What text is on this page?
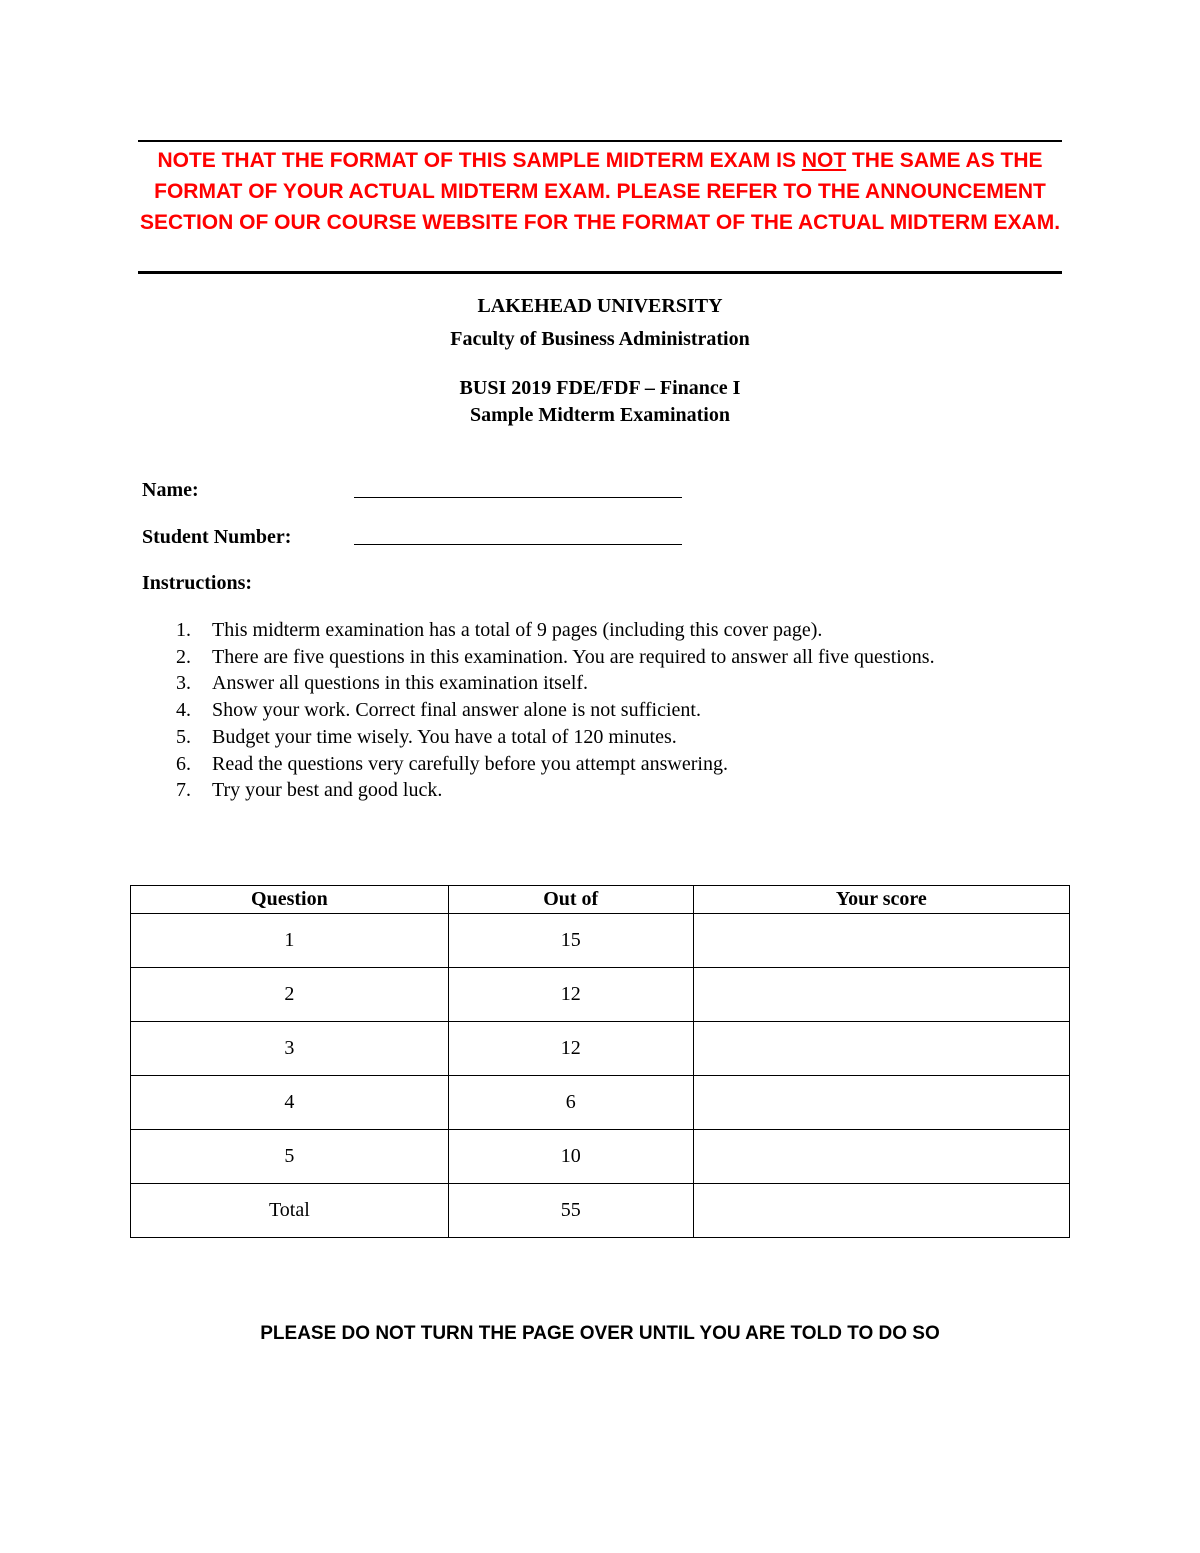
NOTE THAT THE FORMAT OF THIS SAMPLE MIDTERM EXAM IS NOT THE SAME AS THE FORMAT OF YOUR ACTUAL MIDTERM EXAM. PLEASE REFER TO THE ANNOUNCEMENT SECTION OF OUR COURSE WEBSITE FOR THE FORMAT OF THE ACTUAL MIDTERM EXAM.
LAKEHEAD UNIVERSITY
Faculty of Business Administration
BUSI 2019 FDE/FDF – Finance I
Sample Midterm Examination
Name:
Student Number:
Instructions:
1. This midterm examination has a total of 9 pages (including this cover page).
2. There are five questions in this examination. You are required to answer all five questions.
3. Answer all questions in this examination itself.
4. Show your work. Correct final answer alone is not sufficient.
5. Budget your time wisely. You have a total of 120 minutes.
6. Read the questions very carefully before you attempt answering.
7. Try your best and good luck.
Question	Out of	Your score
1	15	
2	12	
3	12	
4	6	
5	10	
Total	55	
PLEASE DO NOT TURN THE PAGE OVER UNTIL YOU ARE TOLD TO DO SO
